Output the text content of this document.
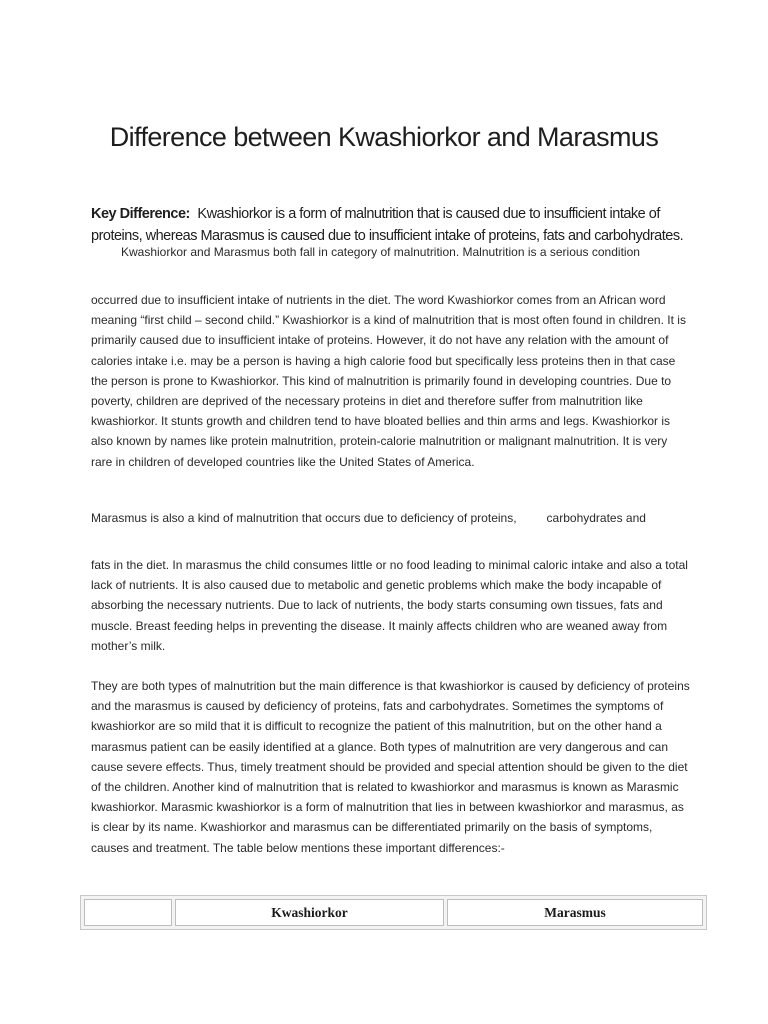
Difference between Kwashiorkor and Marasmus
Key Difference: Kwashiorkor is a form of malnutrition that is caused due to insufficient intake of proteins, whereas Marasmus is caused due to insufficient intake of proteins, fats and carbohydrates.

Kwashiorkor and Marasmus both fall in category of malnutrition. Malnutrition is a serious condition

occurred due to insufficient intake of nutrients in the diet. The word Kwashiorkor comes from an African word meaning “first child – second child.” Kwashiorkor is a kind of malnutrition that is most often found in children. It is primarily caused due to insufficient intake of proteins. However, it do not have any relation with the amount of calories intake i.e. may be a person is having a high calorie food but specifically less proteins then in that case the person is prone to Kwashiorkor. This kind of malnutrition is primarily found in developing countries. Due to poverty, children are deprived of the necessary proteins in diet and therefore suffer from malnutrition like kwashiorkor. It stunts growth and children tend to have bloated bellies and thin arms and legs. Kwashiorkor is also known by names like protein malnutrition, protein-calorie malnutrition or malignant malnutrition. It is very rare in children of developed countries like the United States of America.

Marasmus is also a kind of malnutrition that occurs due to deficiency of proteins,	carbohydrates and

fats in the diet. In marasmus the child consumes little or no food leading to minimal caloric intake and also a total lack of nutrients. It is also caused due to metabolic and genetic problems which make the body incapable of absorbing the necessary nutrients. Due to lack of nutrients, the body starts consuming own tissues, fats and muscle. Breast feeding helps in preventing the disease. It mainly affects children who are weaned away from mother’s milk.

They are both types of malnutrition but the main difference is that kwashiorkor is caused by deficiency of proteins and the marasmus is caused by deficiency of proteins, fats and carbohydrates. Sometimes the symptoms of kwashiorkor are so mild that it is difficult to recognize the patient of this malnutrition, but on the other hand a marasmus patient can be easily identified at a glance. Both types of malnutrition are very dangerous and can cause severe effects. Thus, timely treatment should be provided and special attention should be given to the diet of the children. Another kind of malnutrition that is related to kwashiorkor and marasmus is known as Marasmic kwashiorkor. Marasmic kwashiorkor is a form of malnutrition that lies in between kwashiorkor and marasmus, as is clear by its name. Kwashiorkor and marasmus can be differentiated primarily on the basis of symptoms, causes and treatment. The table below mentions these important differences:-

	Kwashiorkor	Marasmus
